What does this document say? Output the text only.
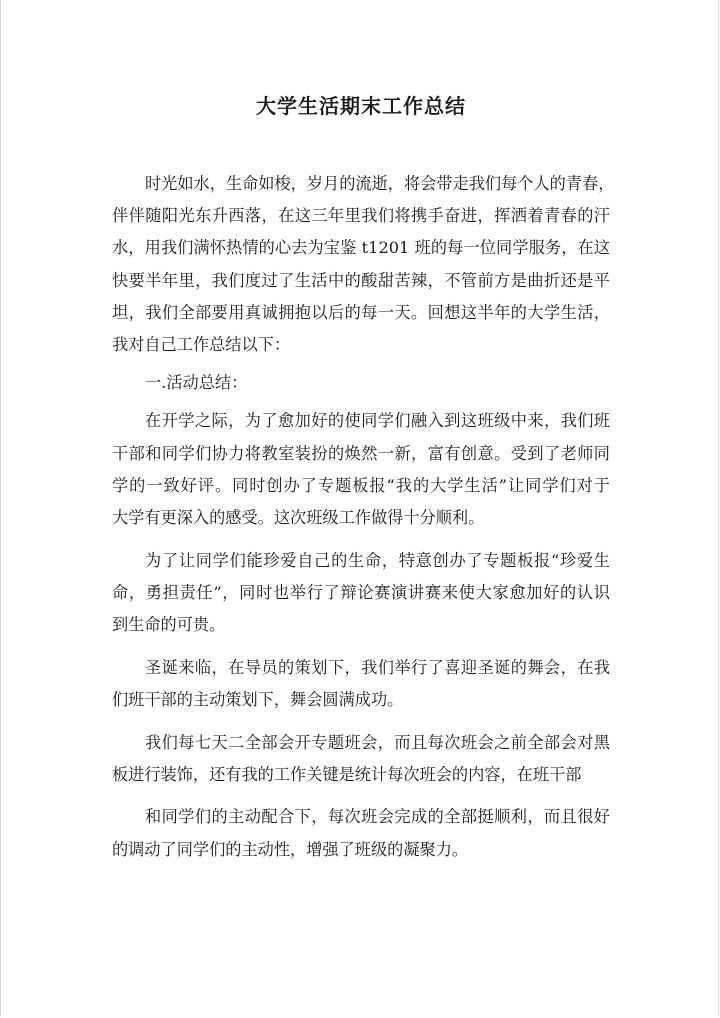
大学生活期末工作总结
时光如水，生命如梭，岁月的流逝，将会带走我们每个人的青春，
伴伴随阳光东升西落，在这三年里我们将携手奋进，挥洒着青春的汗
水，用我们满怀热情的心去为宝鉴 t1201 班的每一位同学服务，在这
快要半年里，我们度过了生活中的酸甜苦辣，不管前方是曲折还是平
坦，我们全部要用真诚拥抱以后的每一天。回想这半年的大学生活，
我对自己工作总结以下：
一.活动总结：
在开学之际，为了愈加好的使同学们融入到这班级中来，我们班
干部和同学们协力将教室装扮的焕然一新，富有创意。受到了老师同
学的一致好评。同时创办了专题板报“我的大学生活”让同学们对于
大学有更深入的感受。这次班级工作做得十分顺利。
为了让同学们能珍爱自己的生命，特意创办了专题板报“珍爱生
命，勇担责任”，同时也举行了辩论赛演讲赛来使大家愈加好的认识
到生命的可贵。
圣诞来临，在导员的策划下，我们举行了喜迎圣诞的舞会，在我
们班干部的主动策划下，舞会圆满成功。
我们每七天二全部会开专题班会，而且每次班会之前全部会对黑
板进行装饰，还有我的工作关键是统计每次班会的内容，在班干部
和同学们的主动配合下，每次班会完成的全部挺顺利，而且很好
的调动了同学们的主动性，增强了班级的凝聚力。
